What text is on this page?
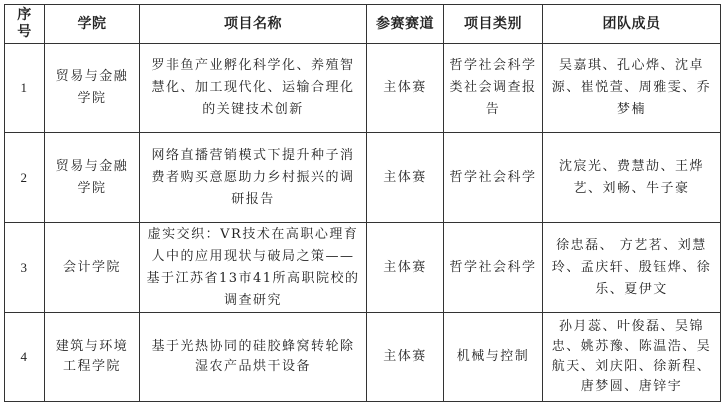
序号	学院	项目名称	参赛赛道	项目类别	团队成员
1	贸易与金融学院	罗非鱼产业孵化科学化、养殖智慧化、加工现代化、运输合理化的关键技术创新	主体赛	哲学社会科学类社会调查报告	吴嘉琪、孔心烨、沈卓源、崔悦萱、周雅雯、乔梦楠
2	贸易与金融学院	网络直播营销模式下提升种子消费者购买意愿助力乡村振兴的调研报告	主体赛	哲学社会科学	沈宸光、费慧劼、王烨艺、刘畅、牛子豪
3	会计学院	虚实交织：VR技术在高职心理育人中的应用现状与破局之策——基于江苏省13市41所高职院校的调查研究	主体赛	哲学社会科学	徐忠磊、 方艺茗、刘慧玲、孟庆轩、殷钰烨、徐乐、夏伊文
4	建筑与环境工程学院	基于光热协同的硅胶蜂窝转轮除湿农产品烘干设备	主体赛	机械与控制	孙月蕊、叶俊磊、吴锦忠、姚苏豫、陈温浩、吴航天、刘庆阳、徐新程、唐梦圆、唐锌宇
